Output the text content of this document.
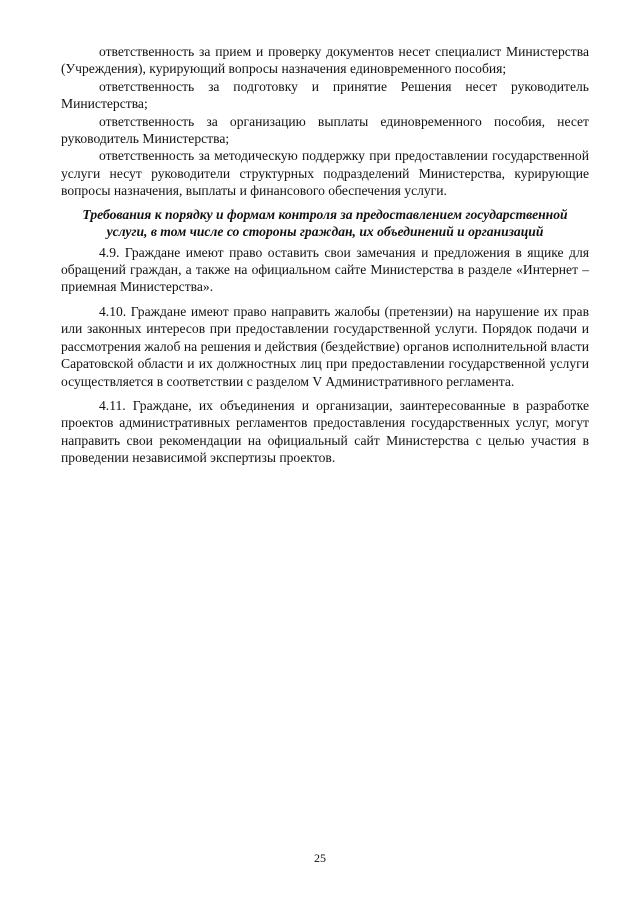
ответственность за прием и проверку документов несет специалист Министерства (Учреждения), курирующий вопросы назначения единовременного пособия;

ответственность за подготовку и принятие Решения несет руководитель Министерства;

ответственность за организацию выплаты единовременного пособия, несет руководитель Министерства;

ответственность за методическую поддержку при предоставлении государственной услуги несут руководители структурных подразделений Министерства, курирующие вопросы назначения, выплаты и финансового обеспечения услуги.

Требования к порядку и формам контроля за предоставлением государственной
услуги, в том числе со стороны граждан, их объединений и организаций

4.9. Граждане имеют право оставить свои замечания и предложения в ящике для обращений граждан, а также на официальном сайте Министерства в разделе «Интернет – приемная Министерства».

4.10. Граждане имеют право направить жалобы (претензии) на нарушение их прав или законных интересов при предоставлении государственной услуги. Порядок подачи и рассмотрения жалоб на решения и действия (бездействие) органов исполнительной власти Саратовской области и их должностных лиц при предоставлении государственной услуги осуществляется в соответствии с разделом V Административного регламента.

4.11. Граждане, их объединения и организации, заинтересованные в разработке проектов административных регламентов предоставления государственных услуг, могут направить свои рекомендации на официальный сайт Министерства с целью участия в проведении независимой экспертизы проектов.

25
